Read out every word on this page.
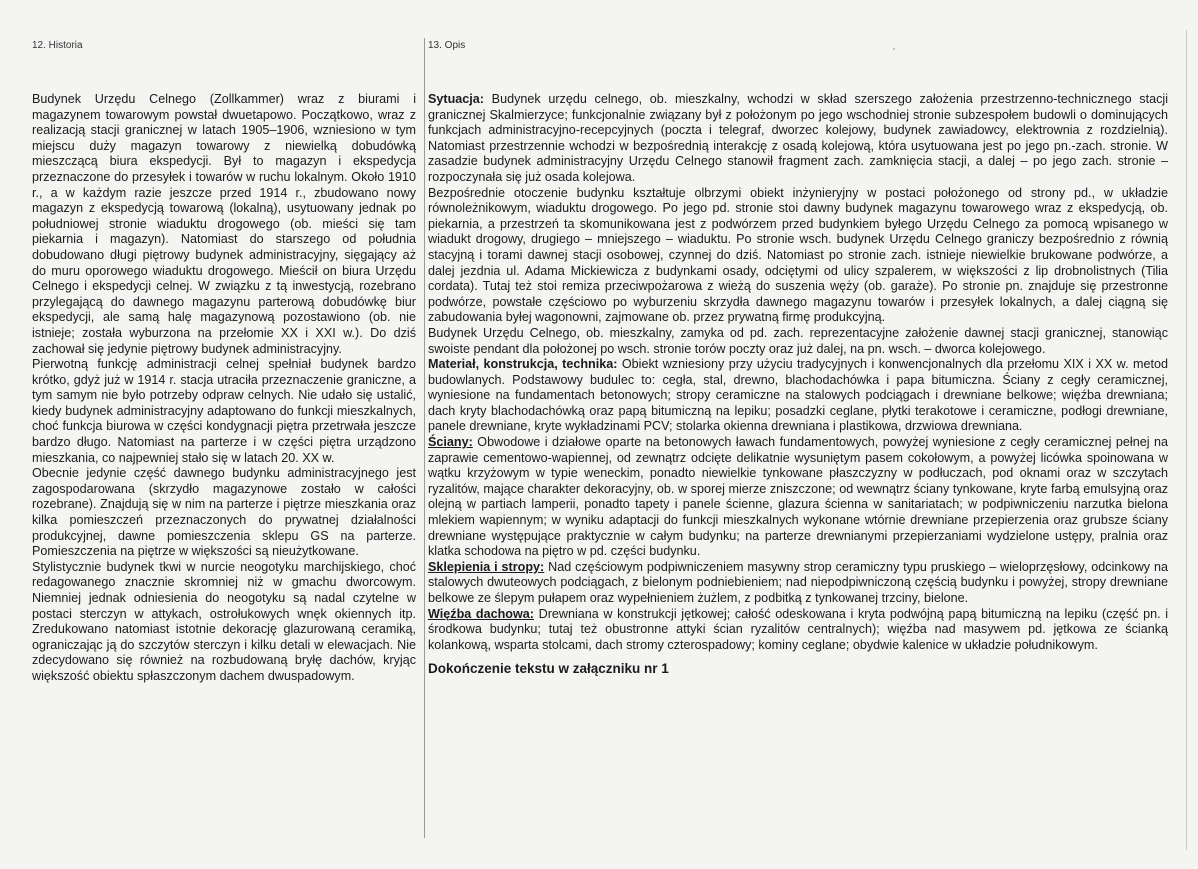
12. Historia	13. Opis

Budynek Urzędu Celnego (Zollkammer) wraz z biurami i magazynem towarowym powstał dwuetapowo. Początkowo, wraz z realizacją stacji granicznej w latach 1905–1906, wzniesiono w tym miejscu duży magazyn towarowy z niewielką dobudówką mieszczącą biura ekspedycji. Był to magazyn i ekspedycja przeznaczone do przesyłek i towarów w ruchu lokalnym. Około 1910 r., a w każdym razie jeszcze przed 1914 r., zbudowano nowy magazyn z ekspedycją towarową (lokalną), usytuowany jednak po południowej stronie wiaduktu drogowego (ob. mieści się tam piekarnia i magazyn). Natomiast do starszego od południa dobudowano długi piętrowy budynek administracyjny, sięgający aż do muru oporowego wiaduktu drogowego. Mieścił on biura Urzędu Celnego i ekspedycji celnej. W związku z tą inwestycją, rozebrano przylegającą do dawnego magazynu parterową dobudówkę biur ekspedycji, ale samą halę magazynową pozostawiono (ob. nie istnieje; została wyburzona na przełomie XX i XXI w.). Do dziś zachował się jedynie piętrowy budynek administracyjny.

Pierwotną funkcję administracji celnej spełniał budynek bardzo krótko, gdyż już w 1914 r. stacja utraciła przeznaczenie graniczne, a tym samym nie było potrzeby odpraw celnych. Nie udało się ustalić, kiedy budynek administracyjny adaptowano do funkcji mieszkalnych, choć funkcja biurowa w części kondygnacji piętra przetrwała jeszcze bardzo długo. Natomiast na parterze i w części piętra urządzono mieszkania, co najpewniej stało się w latach 20. XX w.

Obecnie jedynie część dawnego budynku administracyjnego jest zagospodarowana (skrzydło magazynowe zostało w całości rozebrane). Znajdują się w nim na parterze i piętrze mieszkania oraz kilka pomieszczeń przeznaczonych do prywatnej działalności produkcyjnej, dawne pomieszczenia sklepu GS na parterze. Pomieszczenia na piętrze w większości są nieużytkowane.

Stylistycznie budynek tkwi w nurcie neogotyku marchijskiego, choć redagowanego znacznie skromniej niż w gmachu dworcowym. Niemniej jednak odniesienia do neogotyku są nadal czytelne w postaci sterczyn w attykach, ostrołukowych wnęk okiennych itp. Zredukowano natomiast istotnie dekorację glazurowaną ceramiką, ograniczając ją do szczytów sterczyn i kilku detali w elewacjach. Nie zdecydowano się również na rozbudowaną bryłę dachów, kryjąc większość obiektu spłaszczonym dachem dwuspadowym.

Sytuacja: Budynek urzędu celnego, ob. mieszkalny, wchodzi w skład szerszego założenia przestrzenno-technicznego stacji granicznej Skalmierzyce; funkcjonalnie związany był z położonym po jego wschodniej stronie subzespołem budowli o dominujących funkcjach administracyjno-recepcyjnych (poczta i telegraf, dworzec kolejowy, budynek zawiadowcy, elektrownia z rozdzielnią). Natomiast przestrzennie wchodzi w bezpośrednią interakcję z osadą kolejową, która usytuowana jest po jego pn.-zach. stronie. W zasadzie budynek administracyjny Urzędu Celnego stanowił fragment zach. zamknięcia stacji, a dalej – po jego zach. stronie – rozpoczynała się już osada kolejowa.

Bezpośrednie otoczenie budynku kształtuje olbrzymi obiekt inżynieryjny w postaci położonego od strony pd., w układzie równoleżnikowym, wiaduktu drogowego. Po jego pd. stronie stoi dawny budynek magazynu towarowego wraz z ekspedycją, ob. piekarnia, a przestrzeń ta skomunikowana jest z podwórzem przed budynkiem byłego Urzędu Celnego za pomocą wpisanego w wiadukt drogowy, drugiego – mniejszego – wiaduktu. Po stronie wsch. budynek Urzędu Celnego graniczy bezpośrednio z równią stacyjną i torami dawnej stacji osobowej, czynnej do dziś. Natomiast po stronie zach. istnieje niewielkie brukowane podwórze, a dalej jezdnia ul. Adama Mickiewicza z budynkami osady, odciętymi od ulicy szpalerem, w większości z lip drobnolistnych (Tilia cordata). Tutaj też stoi remiza przeciwpożarowa z wieżą do suszenia węży (ob. garaże). Po stronie pn. znajduje się przestronne podwórze, powstałe częściowo po wyburzeniu skrzydła dawnego magazynu towarów i przesyłek lokalnych, a dalej ciągną się zabudowania byłej wagonowni, zajmowane ob. przez prywatną firmę produkcyjną.

Budynek Urzędu Celnego, ob. mieszkalny, zamyka od pd. zach. reprezentacyjne założenie dawnej stacji granicznej, stanowiąc swoiste pendant dla położonej po wsch. stronie torów poczty oraz już dalej, na pn. wsch. – dworca kolejowego.

Materiał, konstrukcja, technika: Obiekt wzniesiony przy użyciu tradycyjnych i konwencjonalnych dla przełomu XIX i XX w. metod budowlanych. Podstawowy budulec to: cegła, stal, drewno, blachodachówka i papa bitumiczna. Ściany z cegły ceramicznej, wyniesione na fundamentach betonowych; stropy ceramiczne na stalowych podciągach i drewniane belkowe; więźba drewniana; dach kryty blachodachówką oraz papą bitumiczną na lepiku; posadzki ceglane, płytki terakotowe i ceramiczne, podłogi drewniane, panele drewniane, kryte wykładzinami PCV; stolarka okienna drewniana i plastikowa, drzwiowa drewniana.

Ściany: Obwodowe i działowe oparte na betonowych ławach fundamentowych, powyżej wyniesione z cegły ceramicznej pełnej na zaprawie cementowo-wapiennej, od zewnątrz odcięte delikatnie wysuniętym pasem cokołowym, a powyżej licówka spoinowana w wątku krzyżowym w typie weneckim, ponadto niewielkie tynkowane płaszczyzny w podłuczach, pod oknami oraz w szczytach ryzalitów, mające charakter dekoracyjny, ob. w sporej mierze zniszczone; od wewnątrz ściany tynkowane, kryte farbą emulsyjną oraz olejną w partiach lamperii, ponadto tapety i panele ścienne, glazura ścienna w sanitariatach; w podpiwniczeniu narzutka bielona mlekiem wapiennym; w wyniku adaptacji do funkcji mieszkalnych wykonane wtórnie drewniane przepierzenia oraz grubsze ściany drewniane występujące praktycznie w całym budynku; na parterze drewnianymi przepierzaniami wydzielone ustępy, pralnia oraz klatka schodowa na piętro w pd. części budynku.

Sklepienia i stropy: Nad częściowym podpiwniczeniem masywny strop ceramiczny typu pruskiego – wieloprzęsłowy, odcinkowy na stalowych dwuteowych podciągach, z bielonym podniebieniem; nad niepodpiwniczoną częścią budynku i powyżej, stropy drewniane belkowe ze ślepym pułapem oraz wypełnieniem żużlem, z podbitką z tynkowanej trzciny, bielone.

Więźba dachowa: Drewniana w konstrukcji jętkowej; całość odeskowana i kryta podwójną papą bitumiczną na lepiku (część pn. i środkowa budynku; tutaj też obustronne attyki ścian ryzalitów centralnych); więźba nad masywem pd. jętkowa ze ścianką kolankową, wsparta stolcami, dach stromy czterospadowy; kominy ceglane; obydwie kalenice w układzie południkowym.

Dokończenie tekstu w załączniku nr 1
